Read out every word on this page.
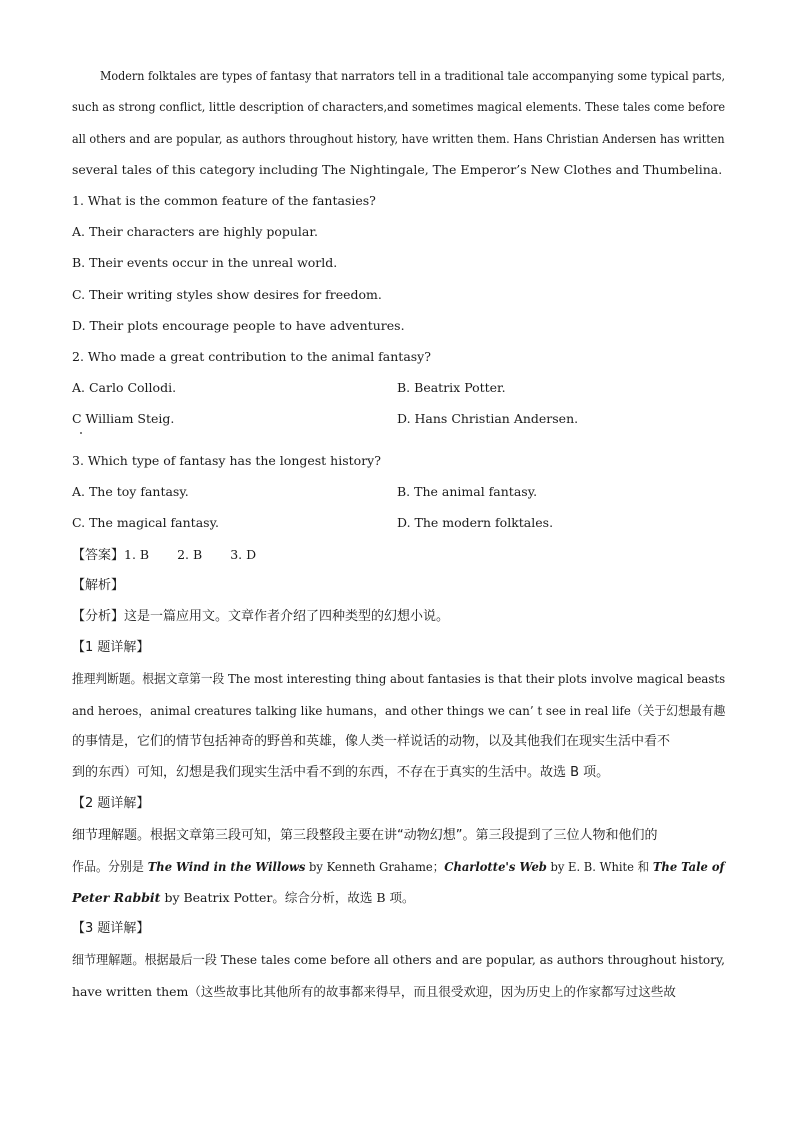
Modern folktales are types of fantasy that narrators tell in a traditional tale accompanying some typical parts,
such as strong conflict, little description of characters,and sometimes magical elements. These tales come before
all others and are popular, as authors throughout history, have written them. Hans Christian Andersen has written
several tales of this category including The Nightingale, The Emperor’s New Clothes and Thumbelina.
1. What is the common feature of the fantasies?
A. Their characters are highly popular.
B. Their events occur in the unreal world.
C. Their writing styles show desires for freedom.
D. Their plots encourage people to have adventures.
2. Who made a great contribution to the animal fantasy?
A. Carlo Collodi.	B. Beatrix Potter.
C William Steig.	D. Hans Christian Andersen.
3. Which type of fantasy has the longest history?
A. The toy fantasy.	B. The animal fantasy.
C. The magical fantasy.	D. The modern folktales.
【答案】1. B 2. B 3. D
【解析】
【分析】这是一篇应用文。文章作者介绍了四种类型的幻想小说。
【1 题详解】
推理判断题。根据文章第一段 The most interesting thing about fantasies is that their plots involve magical beasts
and heroes，animal creatures talking like humans，and other things we can’ t see in real life（关于幻想最有趣
的事情是，它们的情节包括神奇的野兽和英雄，像人类一样说话的动物，以及其他我们在现实生活中看不
到的东西）可知，幻想是我们现实生活中看不到的东西，不存在于真实的生活中。故选 B 项。
【2 题详解】
细节理解题。根据文章第三段可知，第三段整段主要在讲“动物幻想”。第三段提到了三位人物和他们的
作品。分别是 The Wind in the Willows by Kenneth Grahame；Charlotte's Web by E. B. White 和 The Tale of
Peter Rabbit by Beatrix Potter。综合分析，故选 B 项。
【3 题详解】
细节理解题。根据最后一段 These tales come before all others and are popular, as authors throughout history,
have written them（这些故事比其他所有的故事都来得早，而且很受欢迎，因为历史上的作家都写过这些故
